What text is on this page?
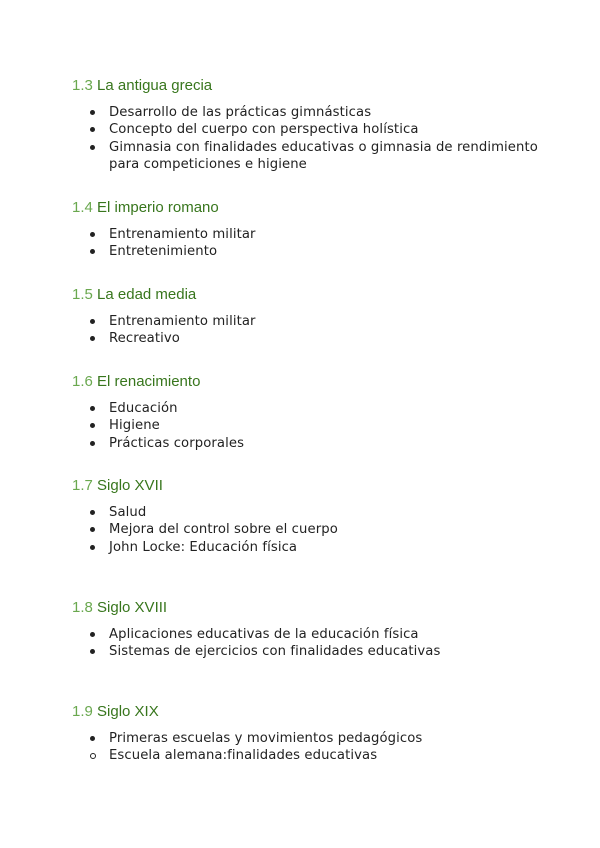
1.3 La antigua grecia
Desarrollo de las prácticas gimnásticas
Concepto del cuerpo con perspectiva holística
Gimnasia con finalidades educativas o gimnasia de rendimiento para competiciones e higiene
1.4 El imperio romano
Entrenamiento militar
Entretenimiento
1.5 La edad media
Entrenamiento militar
Recreativo
1.6 El renacimiento
Educación
Higiene
Prácticas corporales
1.7 Siglo XVII
Salud
Mejora del control sobre el cuerpo
John Locke: Educación física
1.8 Siglo XVIII
Aplicaciones educativas de la educación física
Sistemas de ejercicios con finalidades educativas
1.9 Siglo XIX
Primeras escuelas y movimientos pedagógicos
Escuela alemana:finalidades educativas
